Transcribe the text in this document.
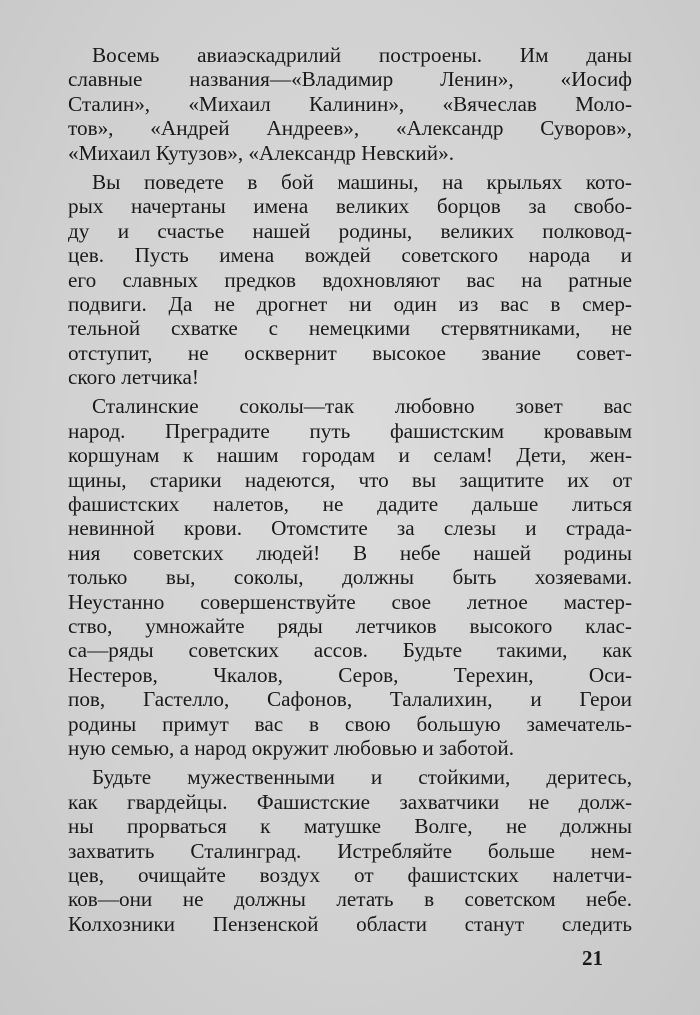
Восемь авиаэскадрилий построены. Им даны
славные названия—«Владимир Ленин», «Иосиф
Сталин», «Михаил Калинин», «Вячеслав Моло-
тов», «Андрей Андреев», «Александр Суворов»,
«Михаил Кутузов», «Александр Невский».
Вы поведете в бой машины, на крыльях кото-
рых начертаны имена великих борцов за свобо-
ду и счастье нашей родины, великих полковод-
цев. Пусть имена вождей советского народа и
его славных предков вдохновляют вас на ратные
подвиги. Да не дрогнет ни один из вас в смер-
тельной схватке с немецкими стервятниками, не
отступит, не осквернит высокое звание совет-
ского летчика!
Сталинские соколы—так любовно зовет вас
народ. Преградите путь фашистским кровавым
коршунам к нашим городам и селам! Дети, жен-
щины, старики надеются, что вы защитите их от
фашистских налетов, не дадите дальше литься
невинной крови. Отомстите за слезы и страда-
ния советских людей! В небе нашей родины
только вы, соколы, должны быть хозяевами.
Неустанно совершенствуйте свое летное мастер-
ство, умножайте ряды летчиков высокого клас-
са—ряды советских ассов. Будьте такими, как
Нестеров, Чкалов, Серов, Терехин, Оси-
пов, Гастелло, Сафонов, Талалихин, и Герои
родины примут вас в свою большую замечатель-
ную семью, а народ окружит любовью и заботой.
Будьте мужественными и стойкими, деритесь,
как гвардейцы. Фашистские захватчики не долж-
ны прорваться к матушке Волге, не должны
захватить Сталинград. Истребляйте больше нем-
цев, очищайте воздух от фашистских налетчи-
ков—они не должны летать в советском небе.
Колхозники Пензенской области станут следить
21
